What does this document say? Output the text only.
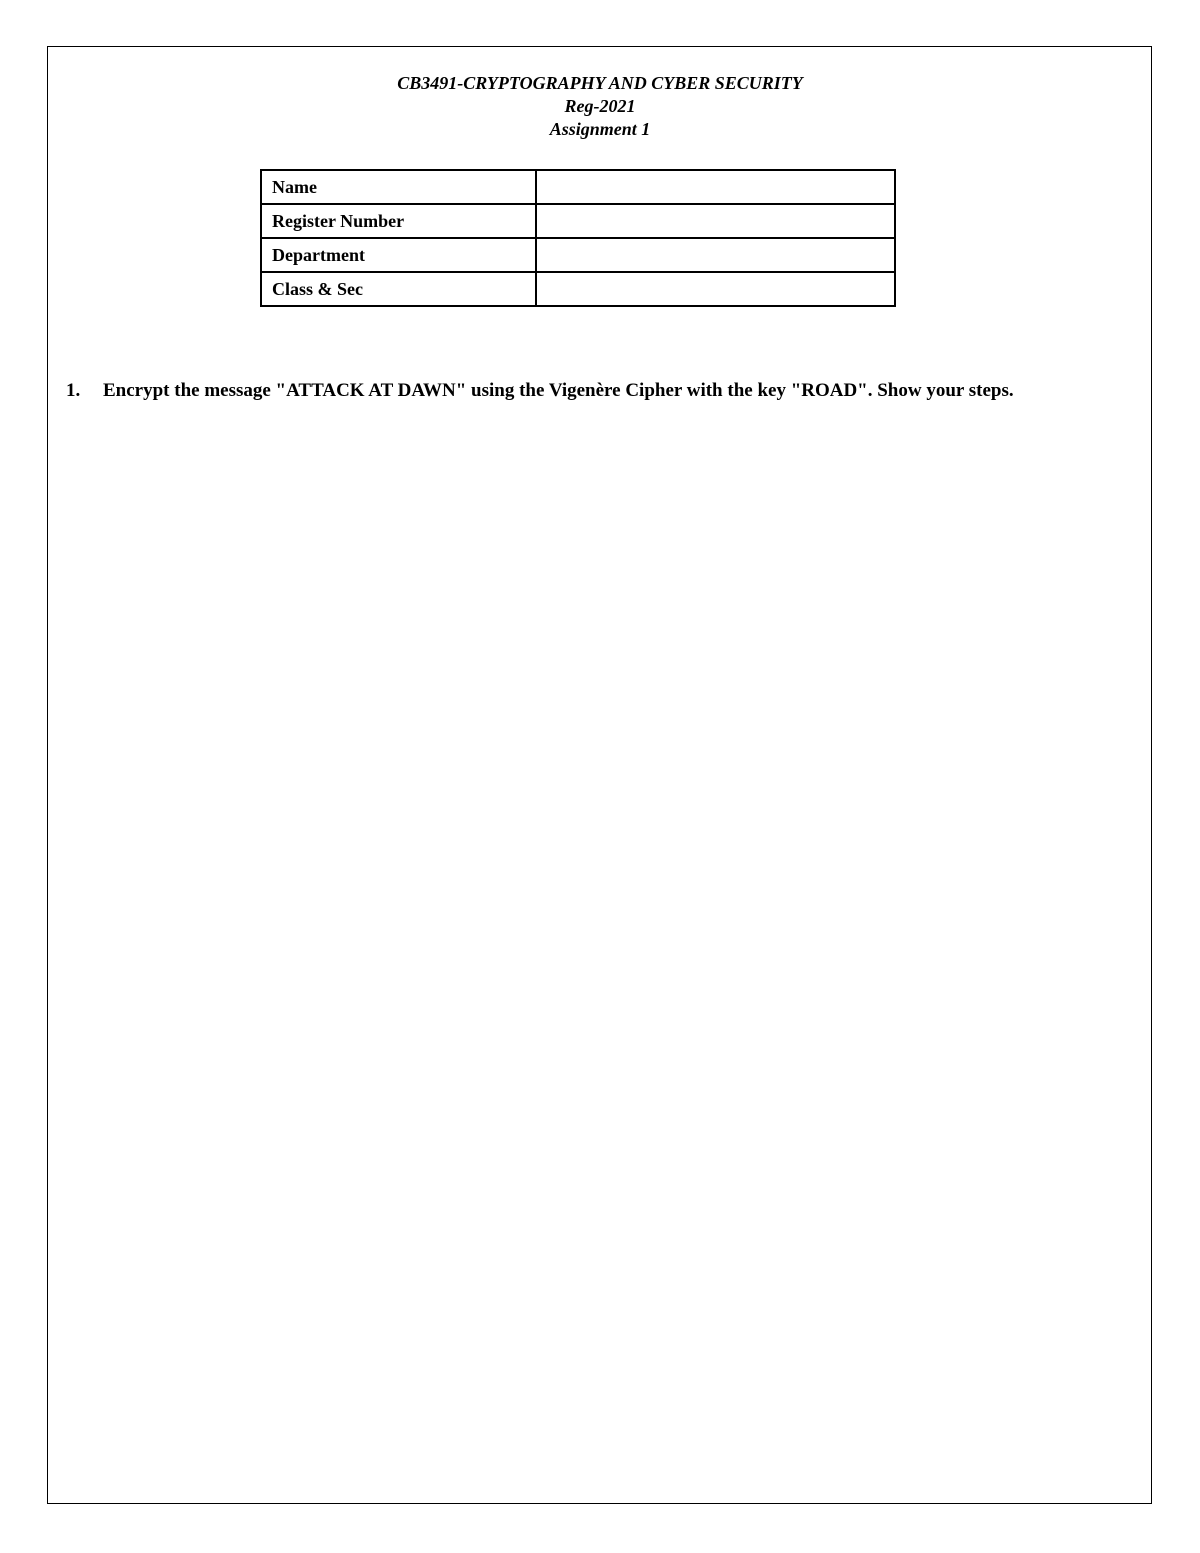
CB3491-CRYPTOGRAPHY AND CYBER SECURITY
Reg-2021
Assignment 1
Name	
Register Number	
Department	
Class & Sec	
1. Encrypt the message "ATTACK AT DAWN" using the Vigenère Cipher with the key "ROAD". Show your steps.
